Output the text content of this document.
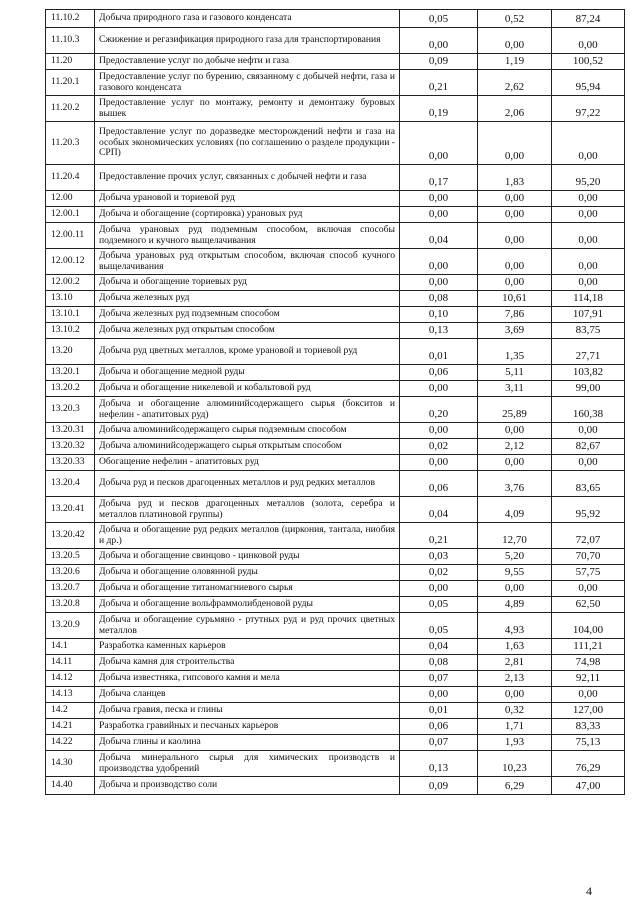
11.10.2	Добыча природного газа и газового конденсата	0,05	0,52	87,24
11.10.3	Сжижение и регазификация природного газа для транспортирования	0,00	0,00	0,00
11.20	Предоставление услуг по добыче нефти и газа	0,09	1,19	100,52
11.20.1	Предоставление услуг по бурению, связанному с добычей нефти, газа и газового конденсата	0,21	2,62	95,94
11.20.2	Предоставление услуг по монтажу, ремонту и демонтажу буровых вышек	0,19	2,06	97,22
11.20.3	Предоставление услуг по доразведке месторождений нефти и газа на особых экономических условиях (по соглашению о разделе продукции - СРП)	0,00	0,00	0,00
11.20.4	Предоставление прочих услуг, связанных с добычей нефти и газа	0,17	1,83	95,20
12.00	Добыча урановой и ториевой руд	0,00	0,00	0,00
12.00.1	Добыча и обогащение (сортировка) урановых руд	0,00	0,00	0,00
12.00.11	Добыча урановых руд подземным способом, включая способы подземного и кучного выщелачивания	0,04	0,00	0,00
12.00.12	Добыча урановых руд открытым способом, включая способ кучного выщелачивания	0,00	0,00	0,00
12.00.2	Добыча и обогащение ториевых руд	0,00	0,00	0,00
13.10	Добыча железных руд	0,08	10,61	114,18
13.10.1	Добыча железных руд подземным способом	0,10	7,86	107,91
13.10.2	Добыча железных руд открытым способом	0,13	3,69	83,75
13.20	Добыча руд цветных металлов, кроме урановой и ториевой руд	0,01	1,35	27,71
13.20.1	Добыча и обогащение медной руды	0,06	5,11	103,82
13.20.2	Добыча и обогащение никелевой и кобальтовой руд	0,00	3,11	99,00
13.20.3	Добыча и обогащение алюминийсодержащего сырья (бокситов и нефелин - апатитовых руд)	0,20	25,89	160,38
13.20.31	Добыча алюминийсодержащего сырья подземным способом	0,00	0,00	0,00
13.20.32	Добыча алюминийсодержащего сырья открытым способом	0,02	2,12	82,67
13.20.33	Обогащение нефелин - апатитовых руд	0,00	0,00	0,00
13.20.4	Добыча руд и песков драгоценных металлов и руд редких металлов	0,06	3,76	83,65
13.20.41	Добыча руд и песков драгоценных металлов (золота, серебра и металлов платиновой группы)	0,04	4,09	95,92
13.20.42	Добыча и обогащение руд редких металлов (циркония, тантала, ниобия и др.)	0,21	12,70	72,07
13.20.5	Добыча и обогащение свинцово - цинковой руды	0,03	5,20	70,70
13.20.6	Добыча и обогащение оловянной руды	0,02	9,55	57,75
13.20.7	Добыча и обогащение титаномагниевого сырья	0,00	0,00	0,00
13.20.8	Добыча и обогащение вольфраммолибденовой руды	0,05	4,89	62,50
13.20.9	Добыча и обогащение сурьмяно - ртутных руд и руд прочих цветных металлов	0,05	4,93	104,00
14.1	Разработка каменных карьеров	0,04	1,63	111,21
14.11	Добыча камня для строительства	0,08	2,81	74,98
14.12	Добыча известняка, гипсового камня и мела	0,07	2,13	92,11
14.13	Добыча сланцев	0,00	0,00	0,00
14.2	Добыча гравия, песка и глины	0,01	0,32	127,00
14.21	Разработка гравийных и песчаных карьеров	0,06	1,71	83,33
14.22	Добыча глины и каолина	0,07	1,93	75,13
14.30	Добыча минерального сырья для химических производств и производства удобрений	0,13	10,23	76,29
14.40	Добыча и производство соли	0,09	6,29	47,00
4
